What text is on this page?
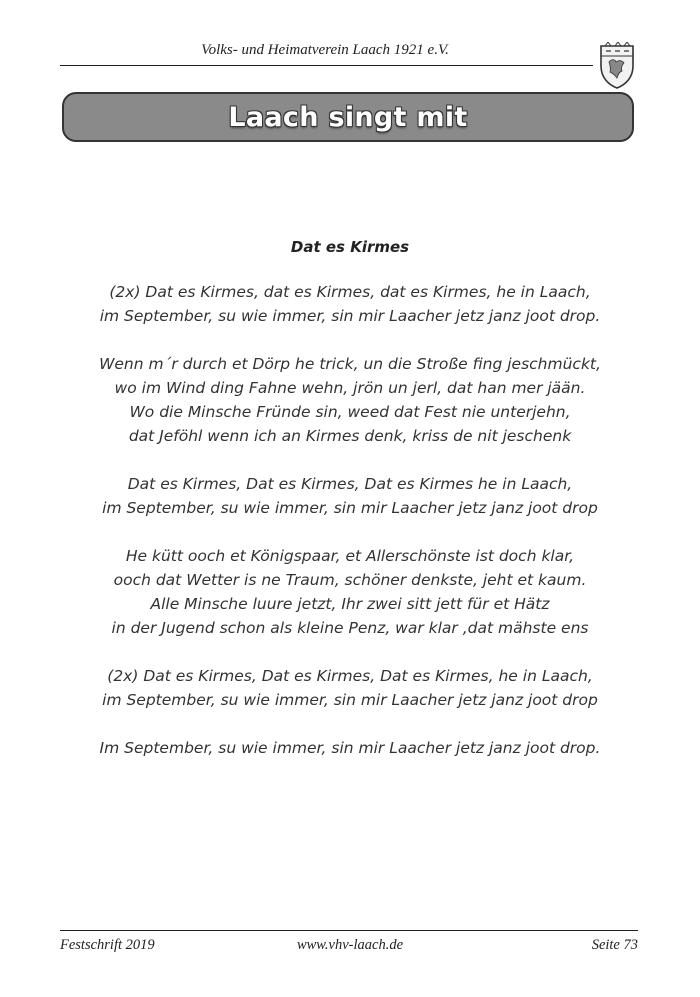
Volks- und Heimatverein Laach 1921 e.V.
Laach singt mit
Dat es Kirmes
(2x) Dat es Kirmes, dat es Kirmes, dat es Kirmes, he in Laach,
im September, su wie immer, sin mir Laacher jetz janz joot drop.
Wenn m´r durch et Dörp he trick, un die Stroße fing jeschmückt,
wo im Wind ding Fahne wehn, jrön un jerl, dat han mer jään.
Wo die Minsche Fründe sin, weed dat Fest nie unterjehn,
dat Jeföhl wenn ich an Kirmes denk, kriss de nit jeschenk
Dat es Kirmes, Dat es Kirmes, Dat es Kirmes he in Laach,
im September, su wie immer, sin mir Laacher jetz janz joot drop
He kütt ooch et Königspaar, et Allerschönste ist doch klar,
ooch dat Wetter is ne Traum, schöner denkste, jeht et kaum.
Alle Minsche luure jetzt, Ihr zwei sitt jett für et Hätz
in der Jugend schon als kleine Penz, war klar ,dat mähste ens
(2x) Dat es Kirmes, Dat es Kirmes, Dat es Kirmes, he in Laach,
im September, su wie immer, sin mir Laacher jetz janz joot drop
Im September, su wie immer, sin mir Laacher jetz janz joot drop.
Festschrift 2019	www.vhv-laach.de	Seite 73
